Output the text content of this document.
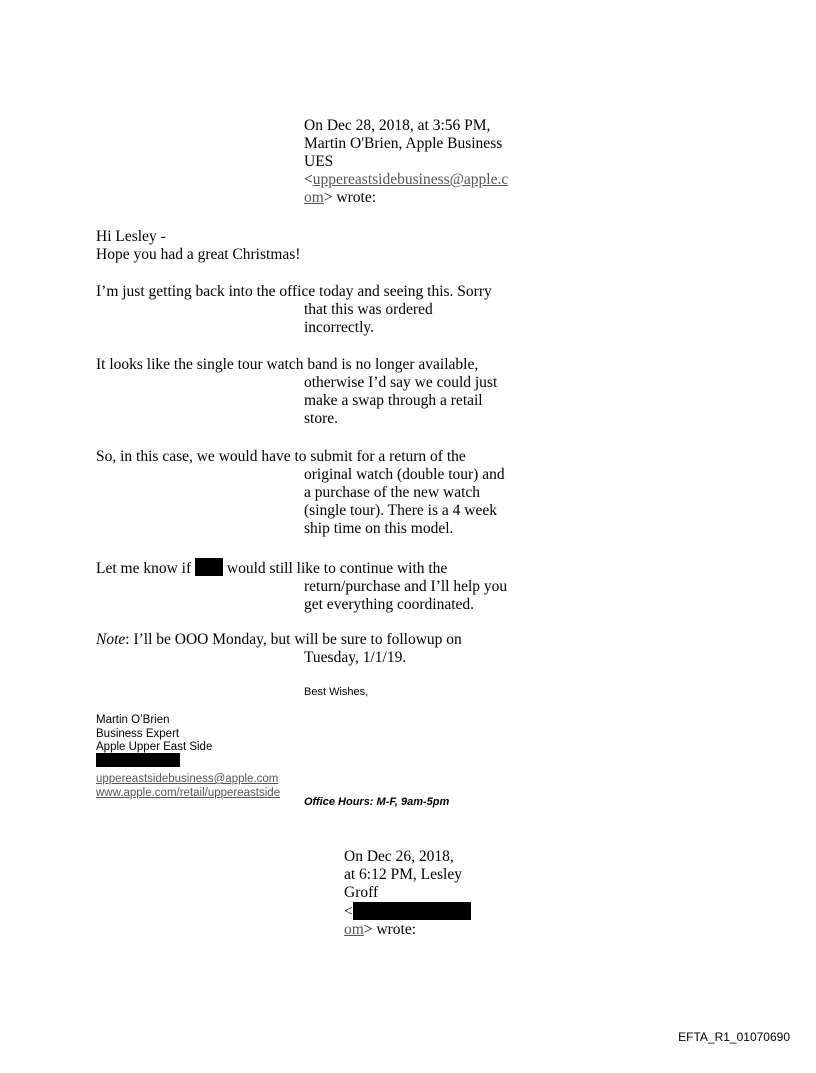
On Dec 28, 2018, at 3:56 PM,
Martin O'Brien, Apple Business
UES
<uppereastsidebusiness@apple.c
om> wrote:
Hi Lesley -
Hope you had a great Christmas!
I’m just getting back into the office today and seeing this. Sorry
that this was ordered
incorrectly.
It looks like the single tour watch band is no longer available,
otherwise I’d say we could just
make a swap through a retail
store.
So, in this case, we would have to submit for a return of the
original watch (double tour) and
a purchase of the new watch
(single tour). There is a 4 week
ship time on this model.
Let me know if would still like to continue with the
return/purchase and I’ll help you
get everything coordinated.
Note: I’ll be OOO Monday, but will be sure to followup on
Tuesday, 1/1/19.
Best Wishes,
Martin O’Brien
Business Expert
Apple Upper East Side
uppereastsidebusiness@apple.com
www.apple.com/retail/uppereastside
Office Hours: M-F, 9am-5pm
On Dec 26, 2018,
at 6:12 PM, Lesley
Groff
<
om> wrote:
EFTA_R1_01070690
